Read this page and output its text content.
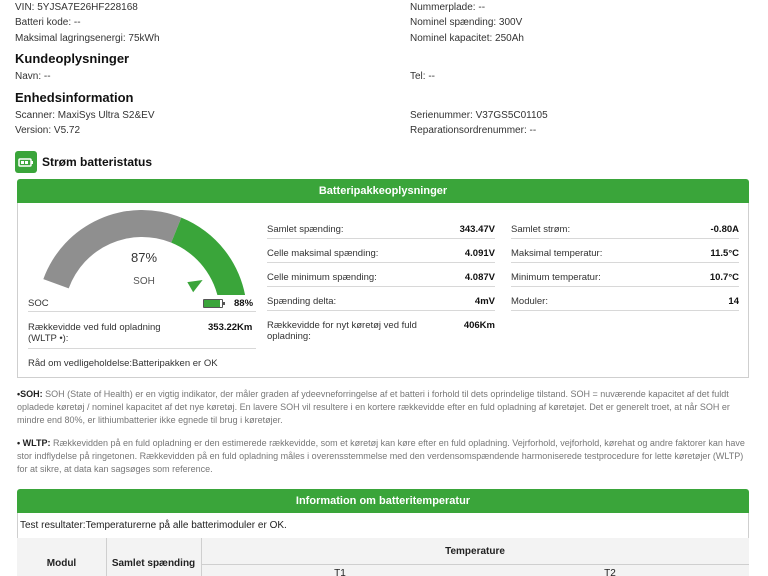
VIN: 5YJSA7E26HF228168
Batteri kode: --
Maksimal lagringsenergi: 75kWh
Nummerplade: --
Nominel spænding: 300V
Nominel kapacitet: 250Ah
Kundeoplysninger
Navn: --	Tel: --
Enhedsinformation
Scanner: MaxiSys Ultra S2&EV
Version: V5.72
Serienummer: V37GS5C01105
Reparationsordrenummer: --
Strøm batteristatus
Batteripakkeoplysninger
87%
SOH
SOC	88%
Rækkevidde ved fuld opladning (WLTP •):
353.22Km
Råd om vedligeholdelse:Batteripakken er OK
Samlet spænding:	343.47V
Celle maksimal spænding:	4.091V
Celle minimum spænding:	4.087V
Spænding delta:	4mV
Rækkevidde for nyt køretøj ved fuld opladning:
406Km
Samlet strøm:	-0.80A
Maksimal temperatur:	11.5°C
Minimum temperatur:	10.7°C
Moduler:	14
•SOH: SOH (State of Health) er en vigtig indikator, der måler graden af ydeevneforringelse af et batteri i forhold til dets oprindelige tilstand. SOH = nuværende kapacitet af det fuldt opladede køretøj / nominel kapacitet af det nye køretøj. En lavere SOH vil resultere i en kortere rækkevidde efter en fuld opladning af køretøjet. Det er generelt troet, at når SOH er mindre end 80%, er lithiumbatterier ikke egnede til brug i køretøjer.
• WLTP: Rækkevidden på en fuld opladning er den estimerede rækkevidde, som et køretøj kan køre efter en fuld opladning. Vejrforhold, vejforhold, kørehat og andre faktorer kan have stor indflydelse på ringetonen. Rækkevidden på en fuld opladning måles i overensstemmelse med den verdensomspændende harmoniserede testprocedure for lette køretøjer (WLTP) for at sikre, at data kan sagsøges som reference.
Information om batteritemperatur
Test resultater:Temperaturerne på alle batterimoduler er OK.
Modul	Samlet spænding
Temperature
T1	T2
